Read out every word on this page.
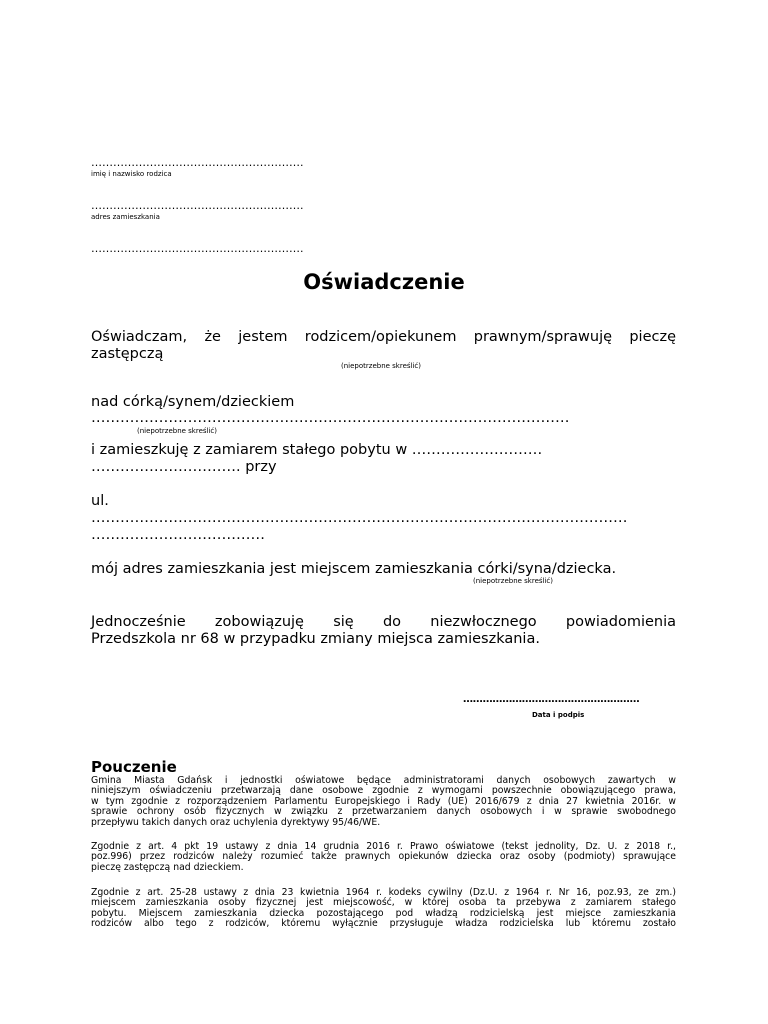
………………………………………………….
imię i nazwisko rodzica
………………………………………………….
adres zamieszkania
………………………………………………….
Oświadczenie
Oświadczam, że jestem rodzicem/opiekunem prawnym/sprawuję pieczę
zastępczą
(niepotrzebne skreślić)
nad córką/synem/dzieckiem
………………………………………………………………………………………
(niepotrzebne skreślić)
i zamieszkuję z zamiarem stałego pobytu w ………………………
…………………………. przy
ul.
…………………………………………………………………………………………………
………………………………
mój adres zamieszkania jest miejscem zamieszkania córki/syna/dziecka.
(niepotrzebne skreślić)
Jednocześnie zobowiązuję się do niezwłocznego powiadomienia
Przedszkola nr 68 w przypadku zmiany miejsca zamieszkania.
………………………………………………
Data i podpis
Pouczenie
Gmina Miasta Gdańsk i jednostki oświatowe będące administratorami danych osobowych zawartych w
niniejszym oświadczeniu przetwarzają dane osobowe zgodnie z wymogami powszechnie obowiązującego prawa,
w tym zgodnie z rozporządzeniem Parlamentu Europejskiego i Rady (UE) 2016/679 z dnia 27 kwietnia 2016r. w
sprawie ochrony osób fizycznych w związku z przetwarzaniem danych osobowych i w sprawie swobodnego
przepływu takich danych oraz uchylenia dyrektywy 95/46/WE.
Zgodnie z art. 4 pkt 19 ustawy z dnia 14 grudnia 2016 r. Prawo oświatowe (tekst jednolity, Dz. U. z 2018 r.,
poz.996) przez rodziców należy rozumieć także prawnych opiekunów dziecka oraz osoby (podmioty) sprawujące
pieczę zastępczą nad dzieckiem.
Zgodnie z art. 25-28 ustawy z dnia 23 kwietnia 1964 r. kodeks cywilny (Dz.U. z 1964 r. Nr 16, poz.93, ze zm.)
miejscem zamieszkania osoby fizycznej jest miejscowość, w której osoba ta przebywa z zamiarem stałego
pobytu. Miejscem zamieszkania dziecka pozostającego pod władzą rodzicielską jest miejsce zamieszkania
rodziców albo tego z rodziców, któremu wyłącznie przysługuje władza rodzicielska lub któremu zostało
